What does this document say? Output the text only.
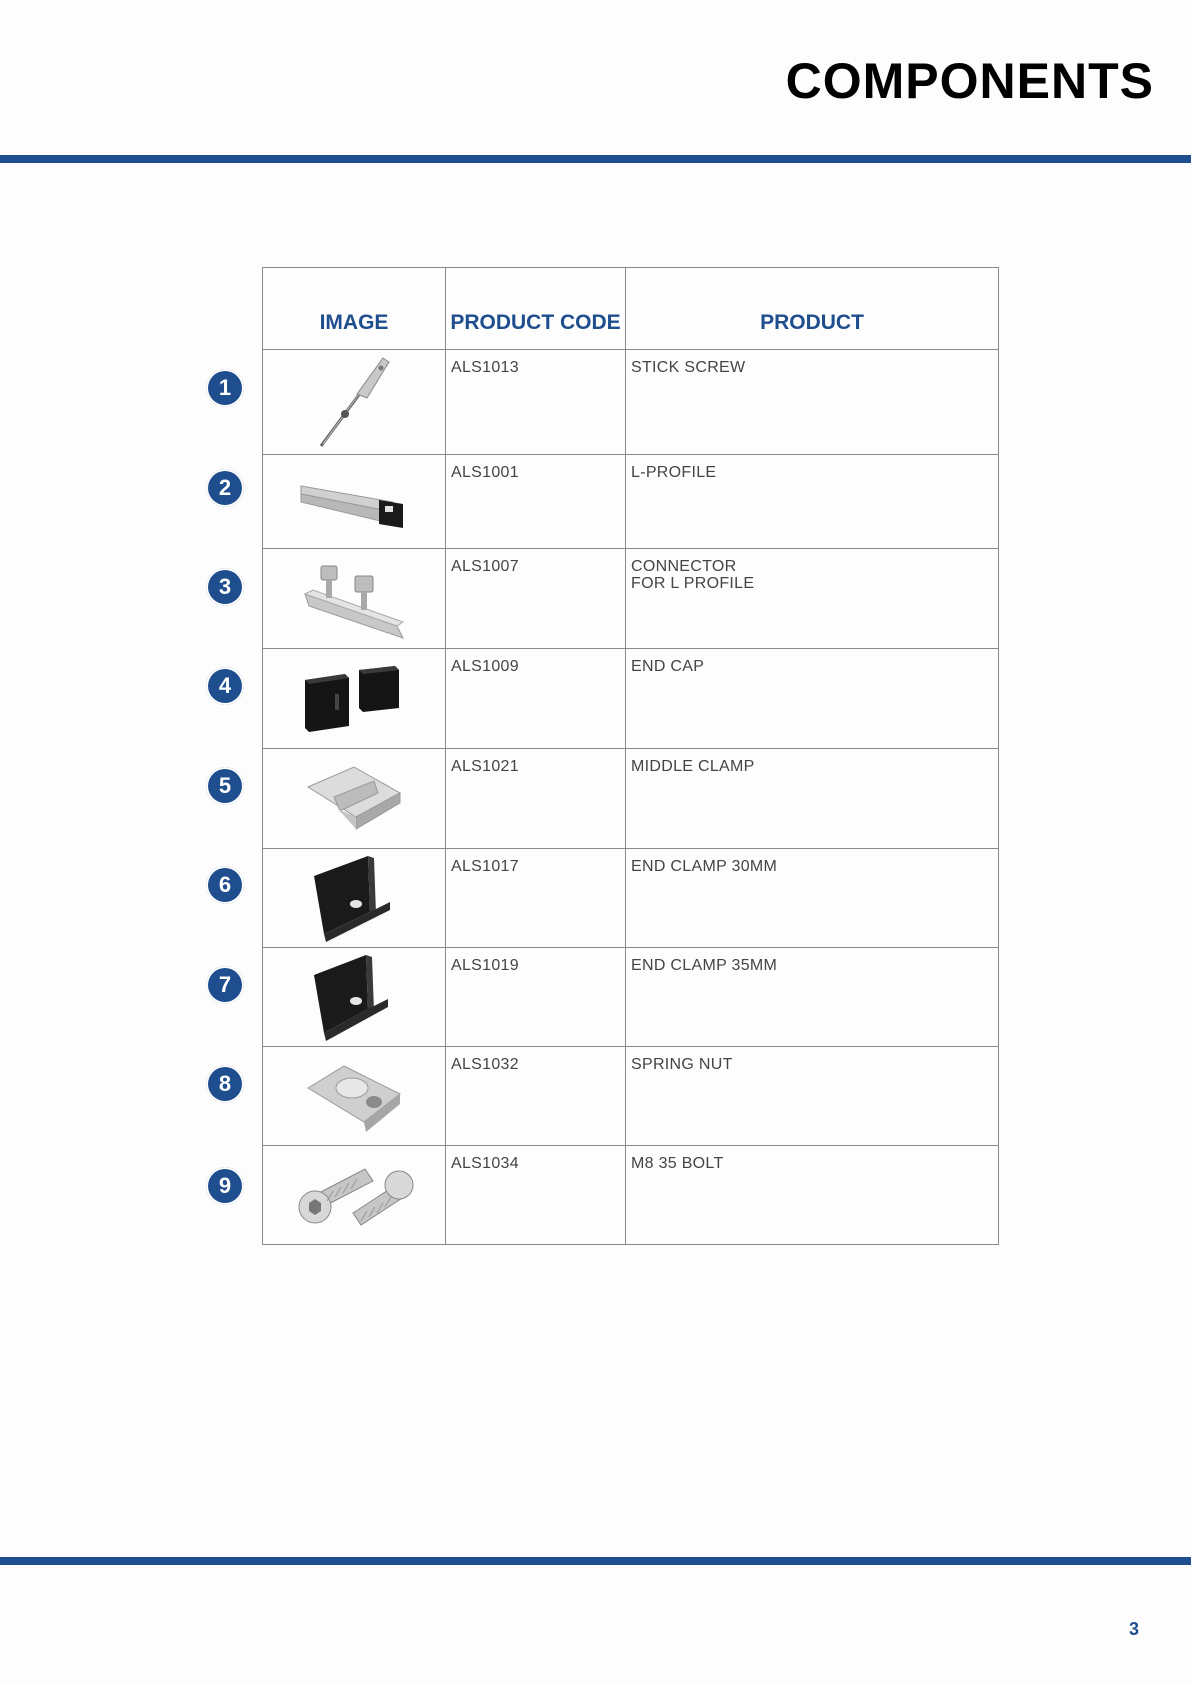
COMPONENTS
1
2
3
4
5
6
7
8
9
IMAGE	PRODUCT CODE	PRODUCT

	ALS1013	STICK SCREW

	ALS1001	L-PROFILE

	ALS1007	CONNECTOR
FOR L PROFILE

	ALS1009	END CAP

	ALS1021	MIDDLE CLAMP

	ALS1017	END CLAMP 30MM

	ALS1019	END CLAMP 35MM

	ALS1032	SPRING NUT

	ALS1034	M8 35 BOLT
3
